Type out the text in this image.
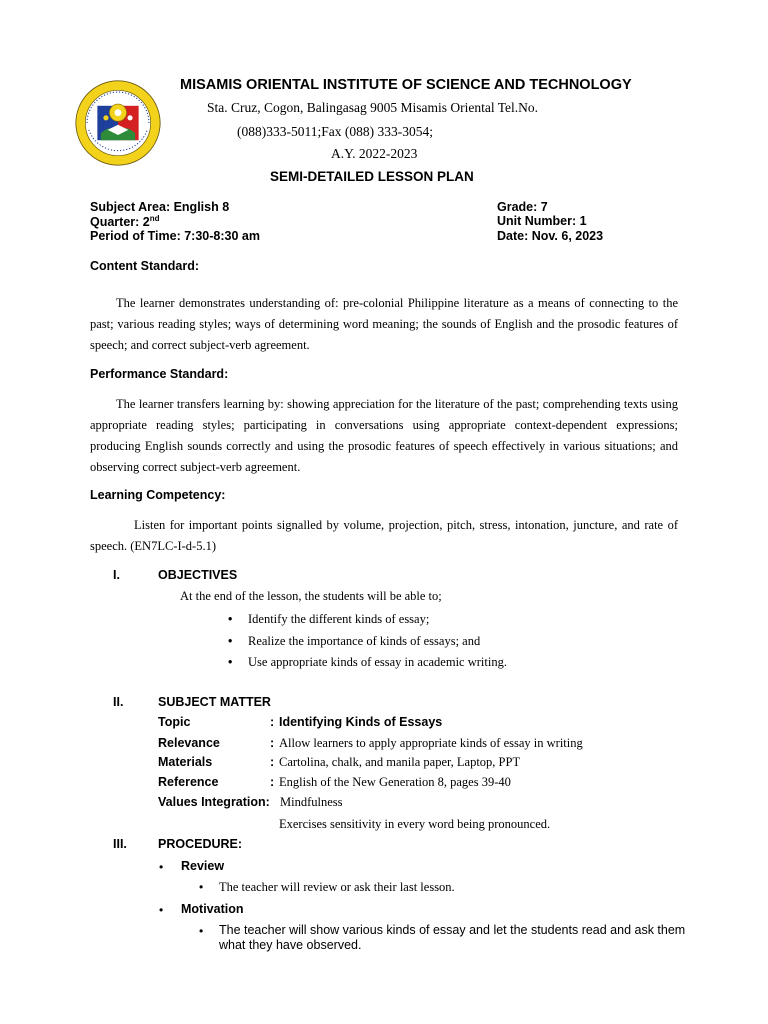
MISAMIS ORIENTAL INSTITUTE OF SCIENCE AND TECHNOLOGY
Sta. Cruz, Cogon, Balingasag 9005 Misamis Oriental Tel.No.
(088)333-5011;Fax (088) 333-3054;
A.Y. 2022-2023
SEMI-DETAILED LESSON PLAN
Subject Area: English 8
Quarter: 2nd
Period of Time: 7:30-8:30 am
Grade: 7
Unit Number: 1
Date: Nov. 6, 2023
Content Standard:
The learner demonstrates understanding of: pre-colonial Philippine literature as a means of connecting to the past; various reading styles; ways of determining word meaning; the sounds of English and the prosodic features of speech; and correct subject-verb agreement.
Performance Standard:
The learner transfers learning by: showing appreciation for the literature of the past; comprehending texts using appropriate reading styles; participating in conversations using appropriate context-dependent expressions; producing English sounds correctly and using the prosodic features of speech effectively in various situations; and observing correct subject-verb agreement.
Learning Competency:
Listen for important points signalled by volume, projection, pitch, stress, intonation, juncture, and rate of speech. (EN7LC-I-d-5.1)
I.	OBJECTIVES
At the end of the lesson, the students will be able to;
• Identify the different kinds of essay;
• Realize the importance of kinds of essays; and
• Use appropriate kinds of essay in academic writing.
II.	SUBJECT MATTER
Topic	: Identifying Kinds of Essays
Relevance	: Allow learners to apply appropriate kinds of essay in writing
Materials	: Cartolina, chalk, and manila paper, Laptop, PPT
Reference	: English of the New Generation 8, pages 39-40
Values Integration: Mindfulness
Exercises sensitivity in every word being pronounced.
III. PROCEDURE:
• Review
• The teacher will review or ask their last lesson.
• Motivation
• The teacher will show various kinds of essay and let the students read and ask them what they have observed.
